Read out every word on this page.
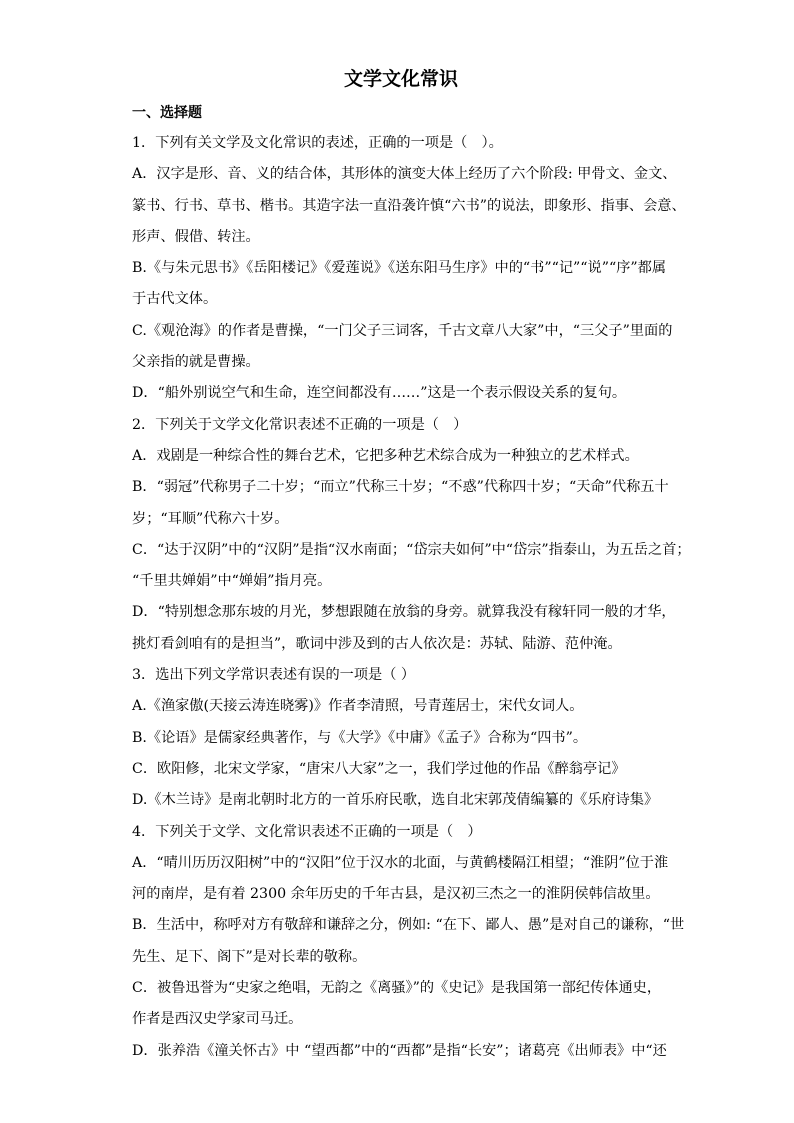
文学文化常识
一、选择题
1．下列有关文学及文化常识的表述，正确的一项是（　）。
A．汉字是形、音、义的结合体，其形体的演变大体上经历了六个阶段: 甲骨文、金文、
篆书、行书、草书、楷书。其造字法一直沿袭许慎“六书”的说法，即象形、指事、会意、
形声、假借、转注。
B.《与朱元思书》《岳阳楼记》《爱莲说》《送东阳马生序》中的“书”“记”“说”“序”都属
于古代文体。
C.《观沧海》的作者是曹操，“一门父子三词客，千古文章八大家”中，“三父子”里面的
父亲指的就是曹操。
D．“船外别说空气和生命，连空间都没有……”这是一个表示假设关系的复句。
2．下列关于文学文化常识表述不正确的一项是（　）
A．戏剧是一种综合性的舞台艺术，它把多种艺术综合成为一种独立的艺术样式。
B．“弱冠”代称男子二十岁；“而立”代称三十岁；“不惑”代称四十岁；“天命”代称五十
岁；“耳顺”代称六十岁。
C．“达于汉阴”中的“汉阴”是指“汉水南面；“岱宗夫如何”中“岱宗”指泰山，为五岳之首；
“千里共婵娟”中“婵娟”指月亮。
D．“特别想念那东坡的月光，梦想跟随在放翁的身旁。就算我没有稼轩同一般的才华，
挑灯看剑咱有的是担当”，歌词中涉及到的古人依次是：苏轼、陆游、范仲淹。
3．选出下列文学常识表述有误的一项是（ ）
A.《渔家傲(天接云涛连晓雾)》作者李清照，号青莲居士，宋代女词人。
B.《论语》是儒家经典著作，与《大学》《中庸》《孟子》合称为“四书”。
C．欧阳修，北宋文学家，“唐宋八大家”之一，我们学过他的作品《醉翁亭记》
D.《木兰诗》是南北朝时北方的一首乐府民歌，选自北宋郭茂倩编纂的《乐府诗集》
4．下列关于文学、文化常识表述不正确的一项是（　）
A．“晴川历历汉阳树”中的“汉阳”位于汉水的北面，与黄鹤楼隔江相望；“淮阴”位于淮
河的南岸，是有着 2300 余年历史的千年古县，是汉初三杰之一的淮阴侯韩信故里。
B．生活中，称呼对方有敬辞和谦辞之分，例如: “在下、鄙人、愚”是对自己的谦称，“世
先生、足下、阁下”是对长辈的敬称。
C．被鲁迅誉为“史家之绝唱，无韵之《离骚》”的《史记》是我国第一部纪传体通史，
作者是西汉史学家司马迁。
D．张养浩《潼关怀古》中 “望西都”中的“西都”是指“长安”；诸葛亮《出师表》中“还
